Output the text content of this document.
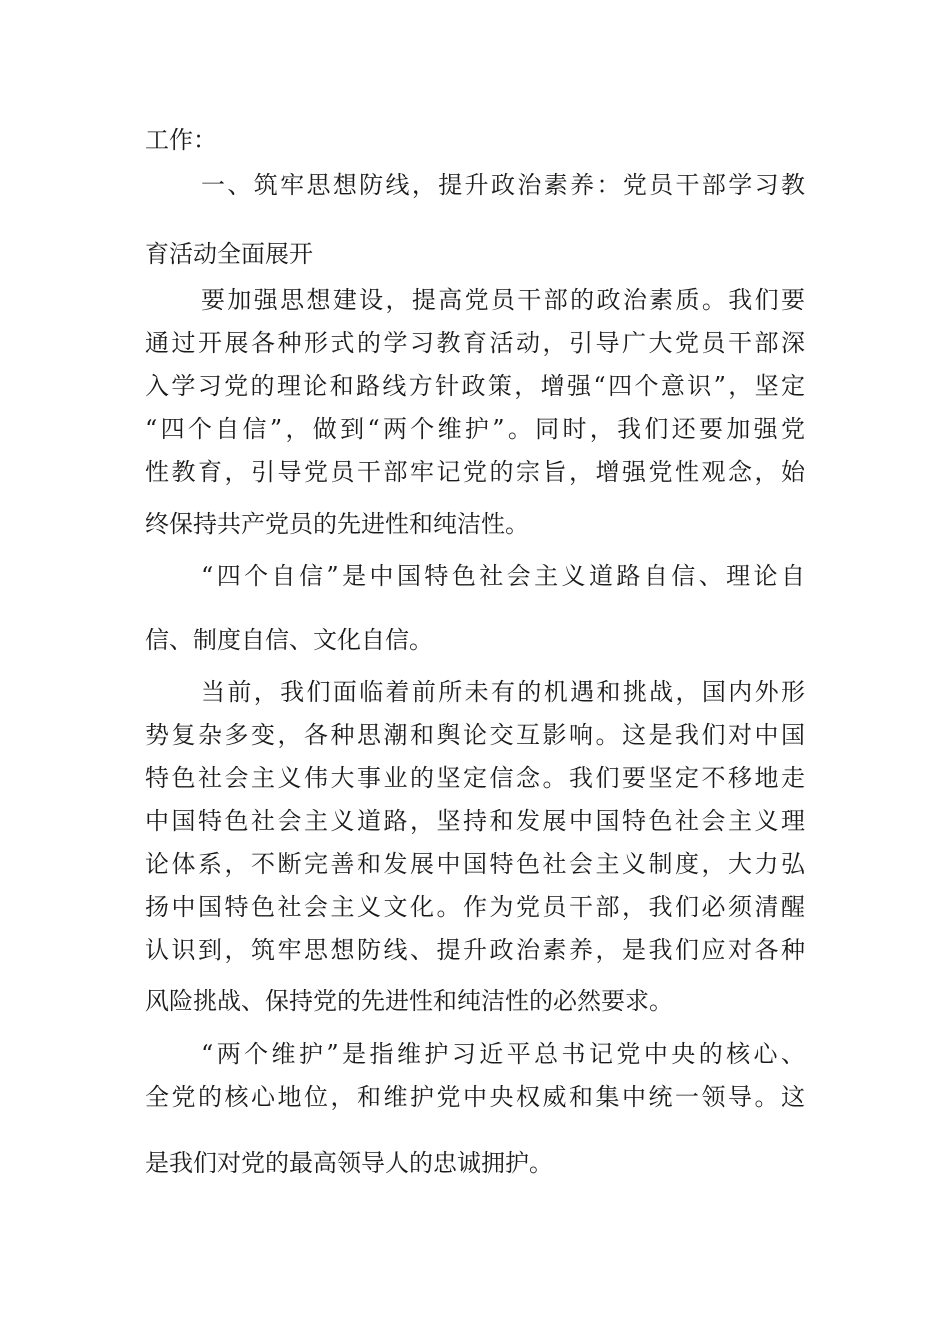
工作：
一、筑牢思想防线，提升政治素养：党员干部学习教
育活动全面展开
要加强思想建设，提高党员干部的政治素质。我们要
通过开展各种形式的学习教育活动，引导广大党员干部深
入学习党的理论和路线方针政策，增强“四个意识”，坚定
“四个自信”，做到“两个维护”。同时，我们还要加强党
性教育，引导党员干部牢记党的宗旨，增强党性观念，始
终保持共产党员的先进性和纯洁性。
“四个自信”是中国特色社会主义道路自信、理论自
信、制度自信、文化自信。
当前，我们面临着前所未有的机遇和挑战，国内外形
势复杂多变，各种思潮和舆论交互影响。这是我们对中国
特色社会主义伟大事业的坚定信念。我们要坚定不移地走
中国特色社会主义道路，坚持和发展中国特色社会主义理
论体系，不断完善和发展中国特色社会主义制度，大力弘
扬中国特色社会主义文化。作为党员干部，我们必须清醒
认识到，筑牢思想防线、提升政治素养，是我们应对各种
风险挑战、保持党的先进性和纯洁性的必然要求。
“两个维护”是指维护习近平总书记党中央的核心、
全党的核心地位，和维护党中央权威和集中统一领导。这
是我们对党的最高领导人的忠诚拥护。
